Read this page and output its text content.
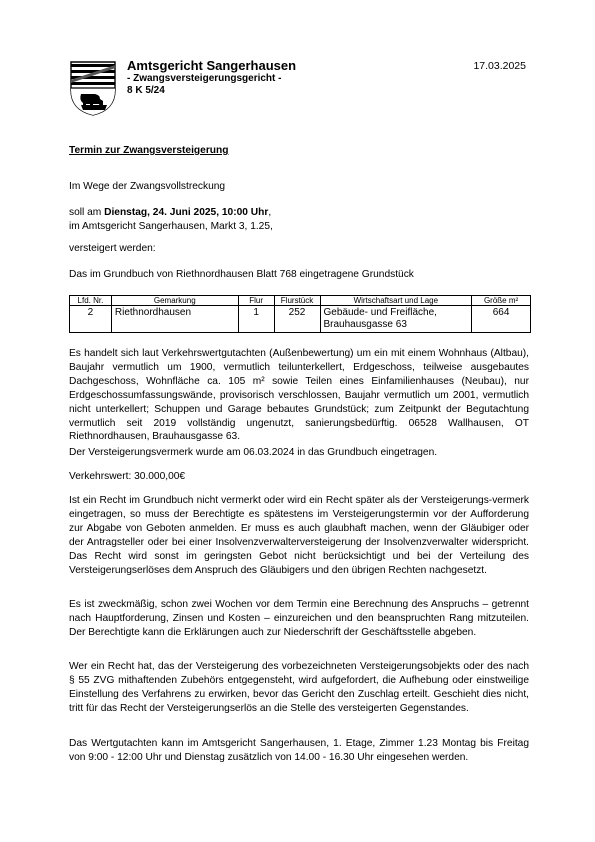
Amtsgericht Sangerhausen
- Zwangsversteigerungsgericht -
8 K 5/24
17.03.2025
Termin zur Zwangsversteigerung
Im Wege der Zwangsvollstreckung
soll am Dienstag, 24. Juni 2025, 10:00 Uhr,
im Amtsgericht Sangerhausen, Markt 3, 1.25,
versteigert werden:
Das im Grundbuch von Riethnordhausen Blatt 768 eingetragene Grundstück
Lfd. Nr.	Gemarkung	Flur	Flurstück	Wirtschaftsart und Lage	Größe m²
2	Riethnordhausen	1	252	Gebäude- und Freifläche,
Brauhausgasse 63	664
Es handelt sich laut Verkehrswertgutachten (Außenbewertung) um ein mit einem Wohnhaus (Altbau), Baujahr vermutlich um 1900, vermutlich teilunterkellert, Erdgeschoss, teilweise ausgebautes Dachgeschoss, Wohnfläche ca. 105 m² sowie Teilen eines Einfamilienhauses (Neubau), nur Erdgeschossumfassungswände, provisorisch verschlossen, Baujahr vermutlich um 2001, vermutlich nicht unterkellert; Schuppen und Garage bebautes Grundstück; zum Zeitpunkt der Begutachtung vermutlich seit 2019 vollständig ungenutzt, sanierungsbedürftig. 06528 Wallhausen, OT Riethnordhausen, Brauhausgasse 63.
Der Versteigerungsvermerk wurde am 06.03.2024 in das Grundbuch eingetragen.
Verkehrswert: 30.000,00€
Ist ein Recht im Grundbuch nicht vermerkt oder wird ein Recht später als der Versteigerungs-vermerk eingetragen, so muss der Berechtigte es spätestens im Versteigerungstermin vor der Aufforderung zur Abgabe von Geboten anmelden. Er muss es auch glaubhaft machen, wenn der Gläubiger oder der Antragsteller oder bei einer Insolvenzverwalterversteigerung der Insolvenzverwalter widerspricht. Das Recht wird sonst im geringsten Gebot nicht berücksichtigt und bei der Verteilung des Versteigerungserlöses dem Anspruch des Gläubigers und den übrigen Rechten nachgesetzt.
Es ist zweckmäßig, schon zwei Wochen vor dem Termin eine Berechnung des Anspruchs – getrennt nach Hauptforderung, Zinsen und Kosten – einzureichen und den beanspruchten Rang mitzuteilen. Der Berechtigte kann die Erklärungen auch zur Niederschrift der Geschäftsstelle abgeben.
Wer ein Recht hat, das der Versteigerung des vorbezeichneten Versteigerungsobjekts oder des nach § 55 ZVG mithaftenden Zubehörs entgegensteht, wird aufgefordert, die Aufhebung oder einstweilige Einstellung des Verfahrens zu erwirken, bevor das Gericht den Zuschlag erteilt. Geschieht dies nicht, tritt für das Recht der Versteigerungserlös an die Stelle des versteigerten Gegenstandes.
Das Wertgutachten kann im Amtsgericht Sangerhausen, 1. Etage, Zimmer 1.23 Montag bis Freitag von 9:00 - 12:00 Uhr und Dienstag zusätzlich von 14.00 - 16.30 Uhr eingesehen werden.
